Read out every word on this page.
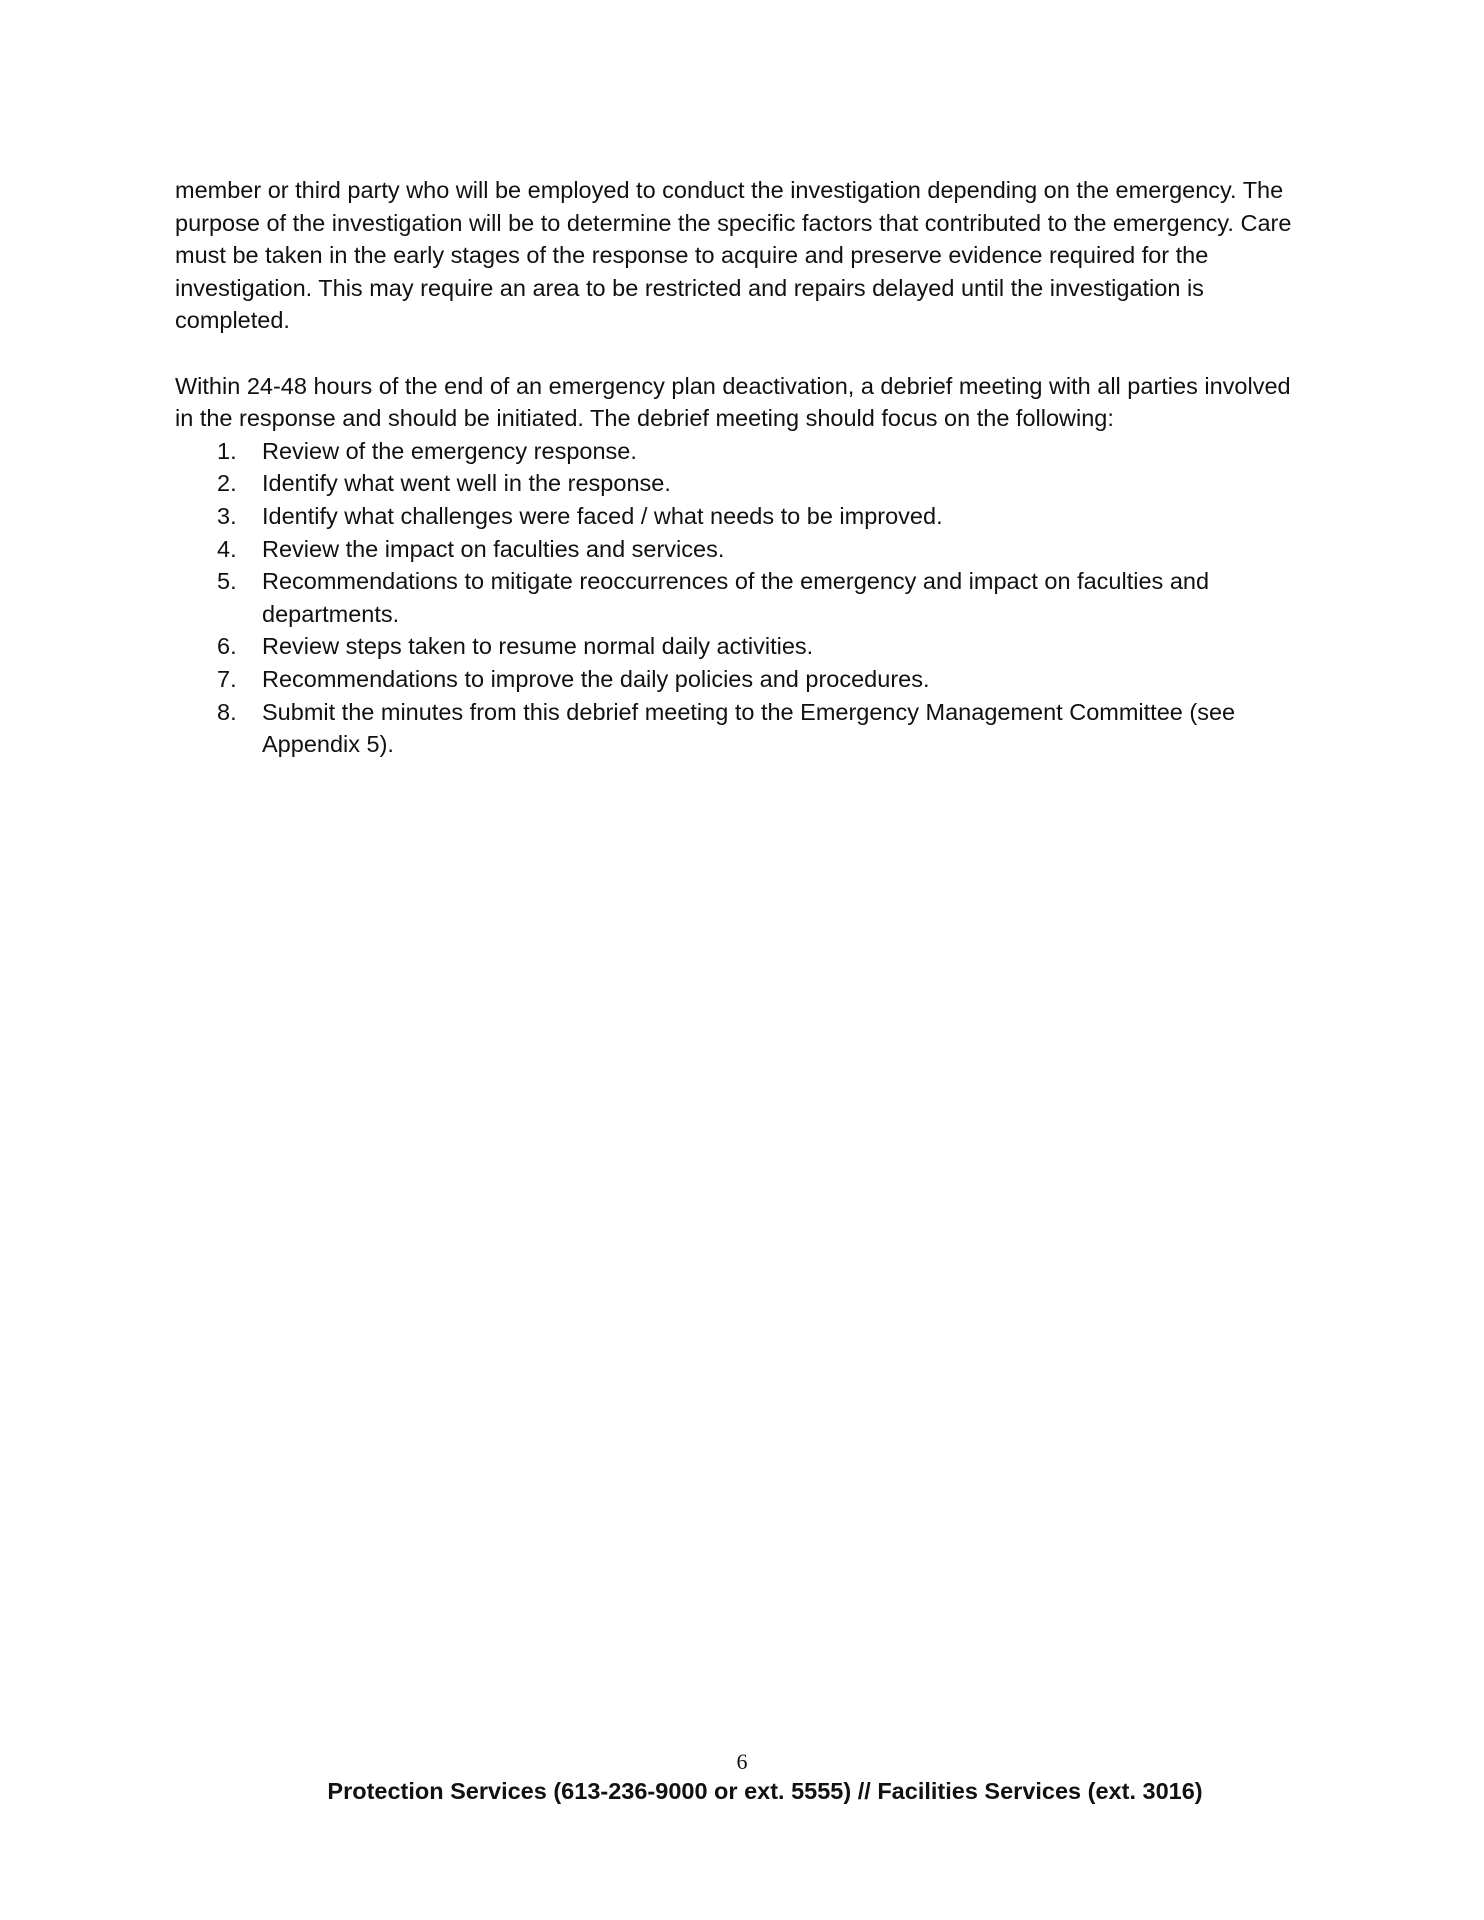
member or third party who will be employed to conduct the investigation depending on the emergency. The purpose of the investigation will be to determine the specific factors that contributed to the emergency. Care must be taken in the early stages of the response to acquire and preserve evidence required for the investigation. This may require an area to be restricted and repairs delayed until the investigation is completed.

Within 24-48 hours of the end of an emergency plan deactivation, a debrief meeting with all parties involved in the response and should be initiated. The debrief meeting should focus on the following:

1. Review of the emergency response.
2. Identify what went well in the response.
3. Identify what challenges were faced / what needs to be improved.
4. Review the impact on faculties and services.
5. Recommendations to mitigate reoccurrences of the emergency and impact on faculties and departments.
6. Review steps taken to resume normal daily activities.
7. Recommendations to improve the daily policies and procedures.
8. Submit the minutes from this debrief meeting to the Emergency Management Committee (see Appendix 5).
6
Protection Services (613-236-9000 or ext. 5555) // Facilities Services (ext. 3016)
